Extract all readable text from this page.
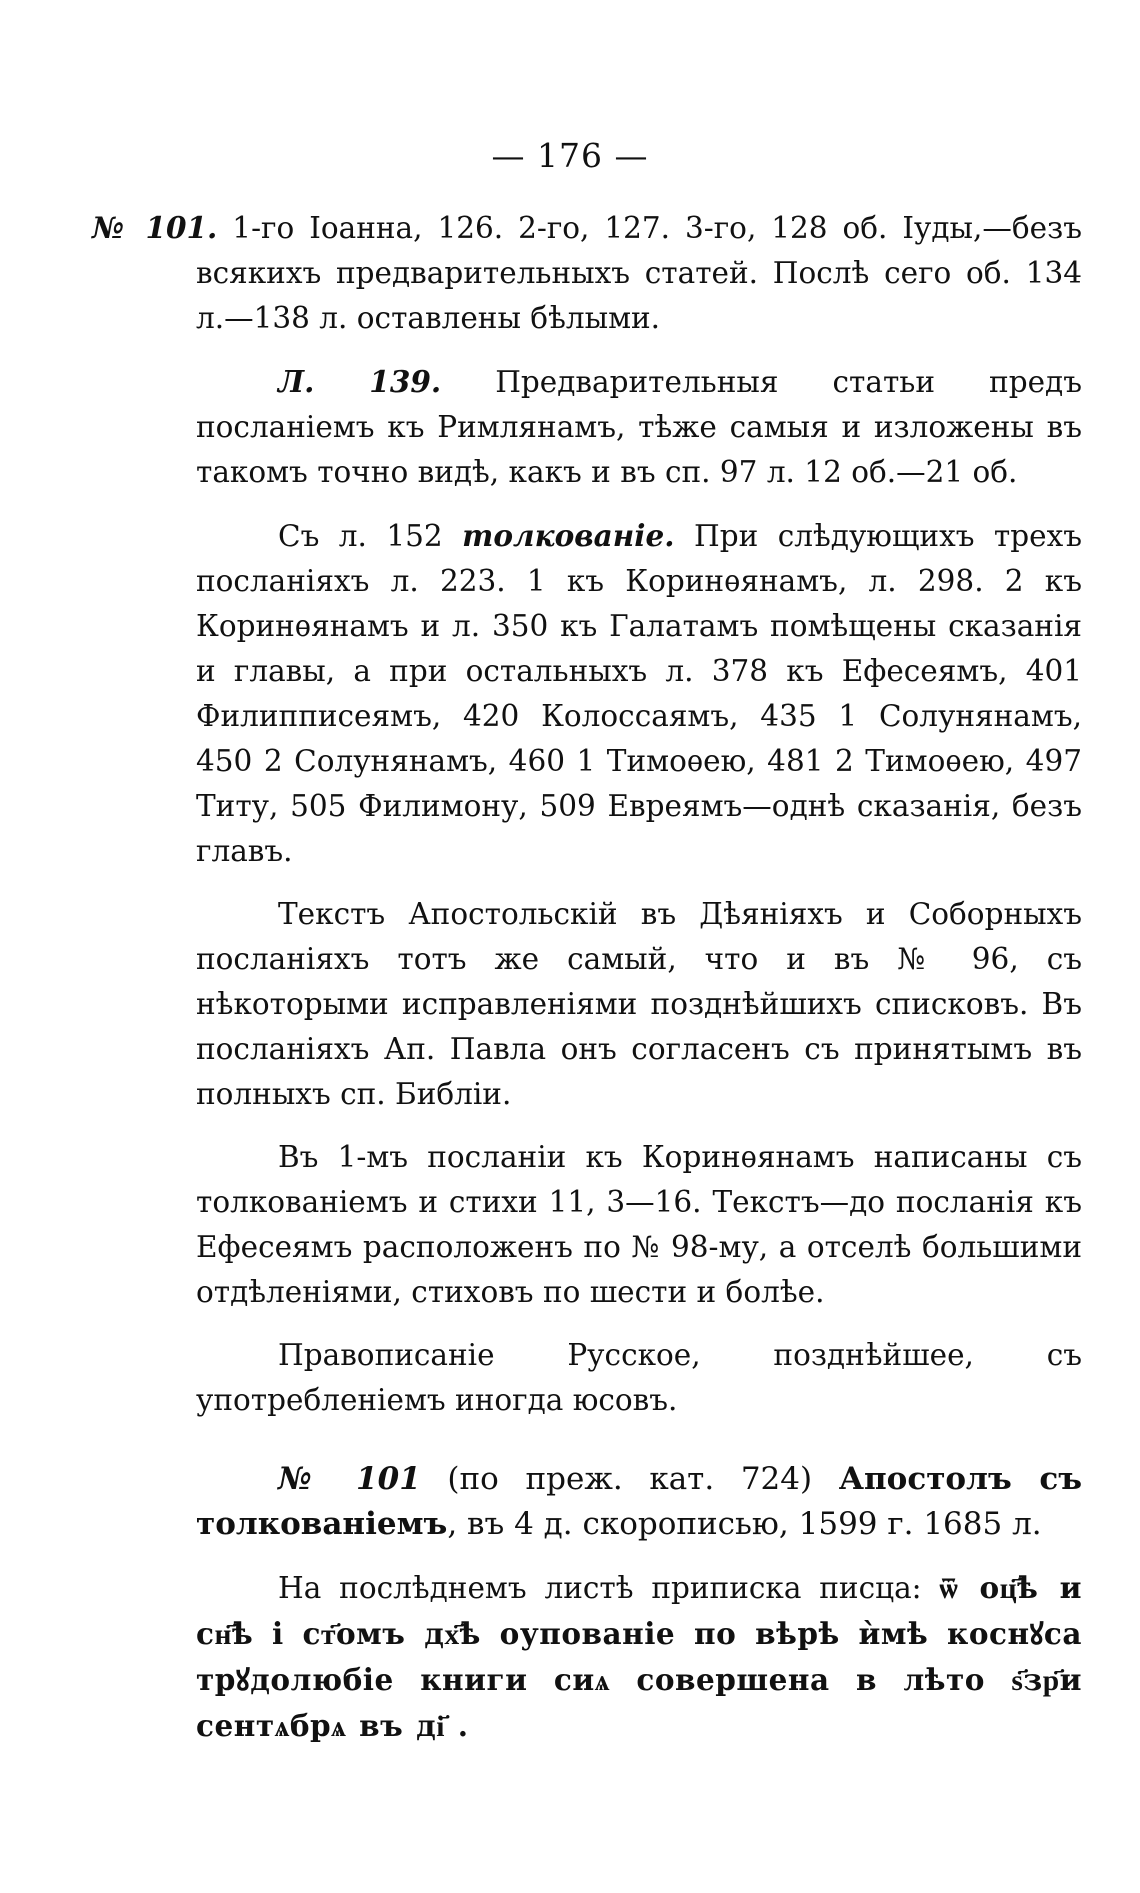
— 176 —

№ 101. 1-го Іоанна, 126. 2-го, 127. 3-го, 128 об. Іуды,—безъ всякихъ предварительныхъ статей. Послѣ сего об. 134 л.—138 л. оставлены бѣлыми.

Л. 139. Предварительныя статьи предъ посланіемъ къ Римлянамъ, тѣже самыя и изложены въ такомъ точно видѣ, какъ и въ сп. 97 л. 12 об.—21 об.

Съ л. 152 толкованіе. При слѣдующихъ трехъ посланіяхъ л. 223. 1 къ Коринѳянамъ, л. 298. 2 къ Коринѳянамъ и л. 350 къ Галатамъ помѣщены сказанія и главы, а при остальныхъ л. 378 къ Ефесеямъ, 401 Филипписеямъ, 420 Колоссаямъ, 435 1 Солунянамъ, 450 2 Солунянамъ, 460 1 Тимоѳею, 481 2 Тимоѳею, 497 Титу, 505 Филимону, 509 Евреямъ—однѣ сказанія, безъ главъ.

Текстъ Апостольскій въ Дѣяніяхъ и Соборныхъ посланіяхъ тотъ же самый, что и въ № 96, съ нѣкоторыми исправленіями позднѣйшихъ списковъ. Въ посланіяхъ Ап. Павла онъ согласенъ съ принятымъ въ полныхъ сп. Библіи.

Въ 1-мъ посланіи къ Коринѳянамъ написаны съ толкованіемъ и стихи 11, 3—16. Текстъ—до посланія къ Ефесеямъ расположенъ по № 98-му, а отселѣ большими отдѣленіями, стиховъ по шести и болѣе.

Правописаніе Русское, позднѣйшее, съ употребленіемъ иногда юсовъ.

№ 101 (по преж. кат. 724) Апостолъ съ толкованіемъ, въ 4 д. скорописью, 1599 г. 1685 л.

На послѣднемъ листѣ приписка писца: ѿ оц҃ѣ и сн҃ѣ і ст҃омъ дх҃ѣ оупованіе по вѣрѣ ѝмѣ коснꙋса трꙋдолюбіе книги сиѧ совершена в лѣто ѕ҃зр҃и сентѧбрѧ въ ді҃ .
